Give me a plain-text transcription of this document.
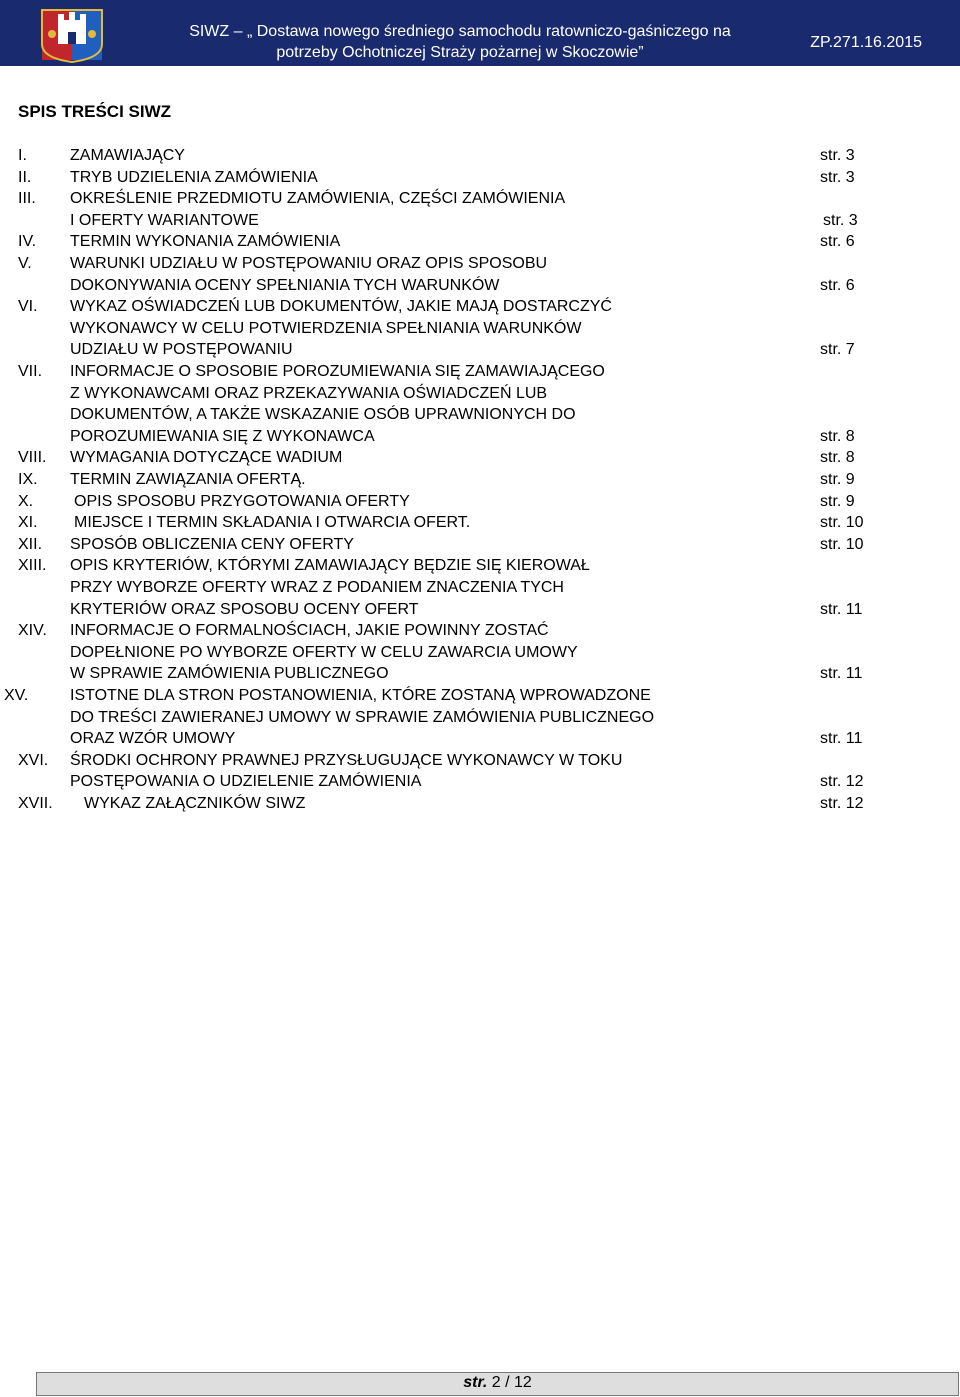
SIWZ – „ Dostawa nowego średniego samochodu ratowniczo-gaśniczego na
potrzeby Ochotniczej Straży pożarnej w Skoczowie”
ZP.271.16.2015
SPIS TREŚCI SIWZ
I.	ZAMAWIAJĄCY	str. 3
II. TRYB UDZIELENIA ZAMÓWIENIA	str. 3
III. OKREŚLENIE PRZEDMIOTU ZAMÓWIENIA, CZĘŚCI ZAMÓWIENIA
I OFERTY WARIANTOWE	str. 3
IV. TERMIN WYKONANIA ZAMÓWIENIA	str. 6
V. WARUNKI UDZIAŁU W POSTĘPOWANIU ORAZ OPIS SPOSOBU
DOKONYWANIA OCENY SPEŁNIANIA TYCH WARUNKÓW	str. 6
VI. WYKAZ OŚWIADCZEŃ LUB DOKUMENTÓW, JAKIE MAJĄ DOSTARCZYĆ
WYKONAWCY W CELU POTWIERDZENIA SPEŁNIANIA WARUNKÓW
UDZIAŁU W POSTĘPOWANIU	str. 7
VII. INFORMACJE O SPOSOBIE POROZUMIEWANIA SIĘ ZAMAWIAJĄCEGO
Z WYKONAWCAMI ORAZ PRZEKAZYWANIA OŚWIADCZEŃ LUB
DOKUMENTÓW, A TAKŻE WSKAZANIE OSÓB UPRAWNIONYCH DO
POROZUMIEWANIA SIĘ Z WYKONAWCA	str. 8
VIII. WYMAGANIA DOTYCZĄCE WADIUM	str. 8
IX. TERMIN ZAWIĄZANIA OFERTĄ.	str. 9
X.	OPIS SPOSOBU PRZYGOTOWANIA OFERTY	str. 9
XI. MIEJSCE I TERMIN SKŁADANIA I OTWARCIA OFERT.	str. 10
XII. SPOSÓB OBLICZENIA CENY OFERTY	str. 10
XIII. OPIS KRYTERIÓW, KTÓRYMI ZAMAWIAJĄCY BĘDZIE SIĘ KIEROWAŁ
PRZY WYBORZE OFERTY WRAZ Z PODANIEM ZNACZENIA TYCH
KRYTERIÓW ORAZ SPOSOBU OCENY OFERT	str. 11
XIV. INFORMACJE O FORMALNOŚCIACH, JAKIE POWINNY ZOSTAĆ
DOPEŁNIONE PO WYBORZE OFERTY W CELU ZAWARCIA UMOWY
W SPRAWIE ZAMÓWIENIA PUBLICZNEGO	str. 11
XV.	ISTOTNE DLA STRON POSTANOWIENIA, KTÓRE ZOSTANĄ WPROWADZONE
DO TREŚCI ZAWIERANEJ UMOWY W SPRAWIE ZAMÓWIENIA PUBLICZNEGO
ORAZ WZÓR UMOWY	str. 11
XVI. ŚRODKI OCHRONY PRAWNEJ PRZYSŁUGUJĄCE WYKONAWCY W TOKU
POSTĘPOWANIA O UDZIELENIE ZAMÓWIENIA	str. 12
XVII. WYKAZ ZAŁĄCZNIKÓW SIWZ	str. 12
str. 2 / 12
